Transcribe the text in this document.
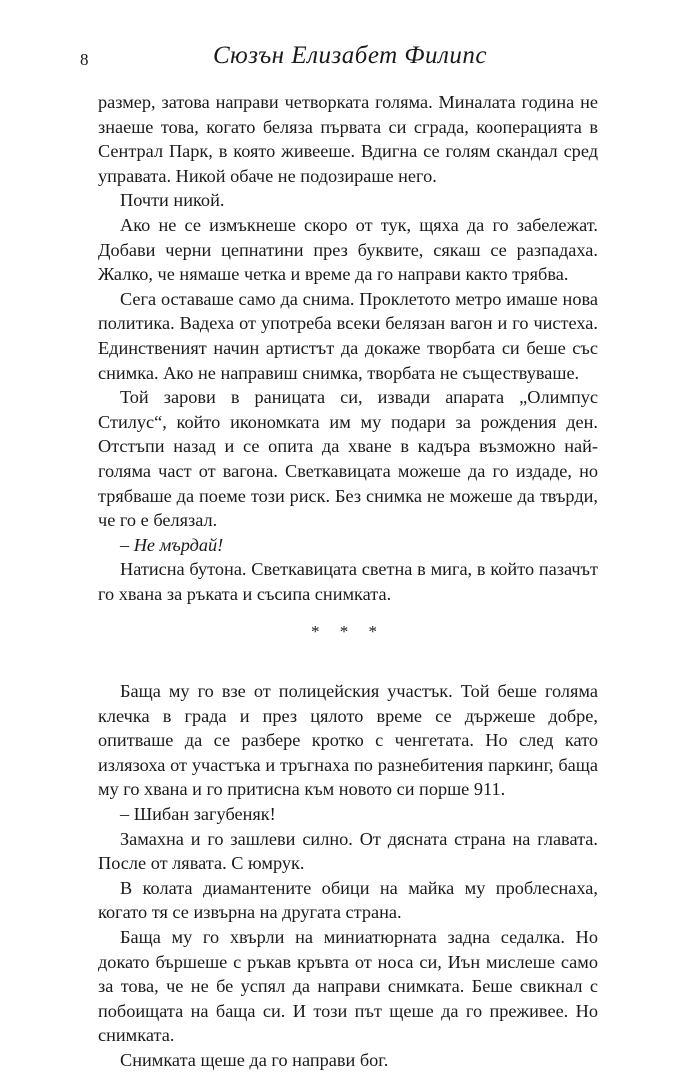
8	Сюзън Елизабет Филипс

размер, затова направи четворката голяма. Миналата година не знаеше това, когато беляза първата си сграда, кооперацията в Сентрал Парк, в която живееше. Вдигна се голям скандал сред управата. Никой обаче не подозираше него.

Почти никой.

Ако не се измъкнеше скоро от тук, щяха да го забележат. Добави черни цепнатини през буквите, сякаш се разпадаха. Жалко, че нямаше четка и време да го направи както трябва.

Сега оставаше само да снима. Проклетото метро имаше нова политика. Вадеха от употреба всеки белязан вагон и го чистеха. Единственият начин артистът да докаже творбата си беше със снимка. Ако не направиш снимка, творбата не съществуваше.

Той зарови в раницата си, извади апарата „Олимпус Стилус“, който икономката им му подари за рождения ден. Отстъпи назад и се опита да хване в кадъра възможно най-голяма част от вагона. Светкавицата можеше да го издаде, но трябваше да поеме този риск. Без снимка не можеше да твърди, че го е белязал.

– Не мърдай!

Натисна бутона. Светкавицата светна в мига, в който пазачът го хвана за ръката и съсипа снимката.

* * *

Баща му го взе от полицейския участък. Той беше голяма клечка в града и през цялото време се държеше добре, опитваше да се разбере кротко с ченгетата. Но след като излязоха от участъка и тръгнаха по разнебитения паркинг, баща му го хвана и го притисна към новото си порше 911.

– Шибан загубеняк!

Замахна и го зашлеви силно. От дясната страна на главата. После от лявата. С юмрук.

В колата диамантените обици на майка му проблеснаха, когато тя се извърна на другата страна.

Баща му го хвърли на миниатюрната задна седалка. Но докато бършеше с ръкав кръвта от носа си, Иън мислеше само за това, че не бе успял да направи снимката. Беше свикнал с побоищата на баща си. И този път щеше да го преживее. Но снимката.

Снимката щеше да го направи бог.
